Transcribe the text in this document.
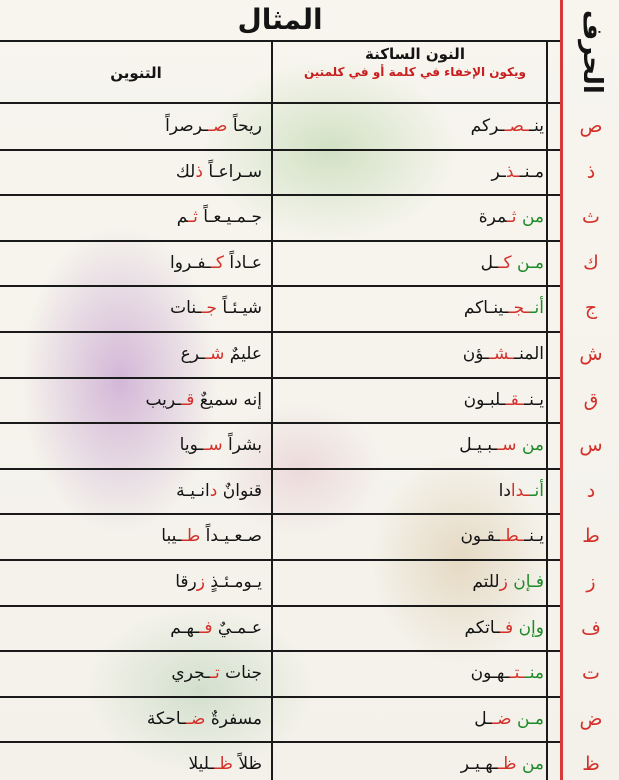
المثال	الحرف
النون الساكنة
ويكون الإخفاء في كلمة أو في كلمتين
التنوين
ص
ينــصــركم
ريحاً صــرصراً
ذ
مـنــذـر
سـراعـاً ذلك
ث
من ثـمرة
جـمـيـعـاً ثـم
ك
مـن كــل
عـاداً كــفـروا
ج
أنــجــينـاكم
شيـئـاً جــنات
ش
المنــشــؤن
عليمٌ شــرع
ق
يـنــقــلبـون
إنه سميعٌ قــريب
س
من ســبـيـل
بشراً ســويا
د
أنــدادا
قنوانٌ دانـيـة
ط
يـنــطــقـون
صـعـيـداً طــيبا
ز
فـإن زللتم
يـومـئـذٍ زرقا
ف
وإن فــاتكم
عـمـيٌ فــهـم
ت
منــتــهـون
جنات تــجري
ض
مـن ضــل
مسفرةٌ ضــاحكة
ظ
من ظــهـيـر
ظلاً ظــليلا
